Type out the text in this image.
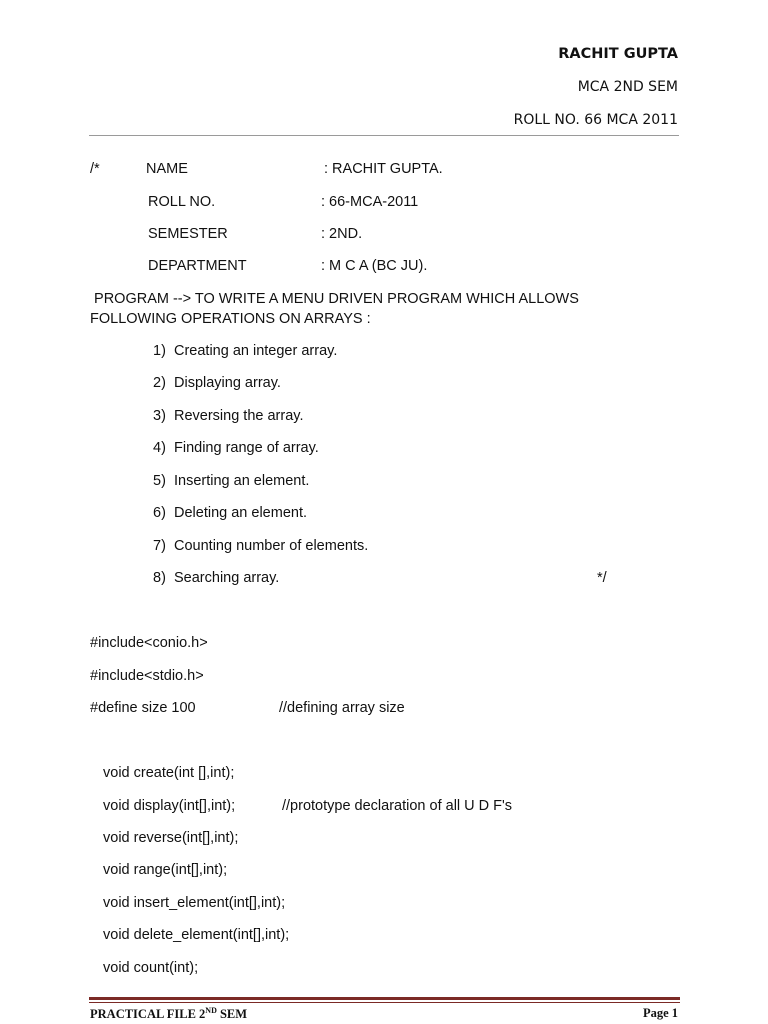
RACHIT GUPTA
MCA 2ND SEM
ROLL NO. 66 MCA 2011
/*	NAME	: RACHIT GUPTA.
ROLL NO.	: 66-MCA-2011
SEMESTER	: 2ND.
DEPARTMENT	: M C A (BC JU).
PROGRAM --> TO WRITE A MENU DRIVEN PROGRAM WHICH ALLOWS
FOLLOWING OPERATIONS ON ARRAYS :
1) Creating an integer array.
2) Displaying array.
3) Reversing the array.
4) Finding range of array.
5) Inserting an element.
6) Deleting an element.
7) Counting number of elements.
8) Searching array.	*/
#include<conio.h>
#include<stdio.h>
#define size 100	//defining array size
void create(int [],int);
void display(int[],int);	//prototype declaration of all U D F's
void reverse(int[],int);
void range(int[],int);
void insert_element(int[],int);
void delete_element(int[],int);
void count(int);
PRACTICAL FILE 2ND SEM	Page 1
